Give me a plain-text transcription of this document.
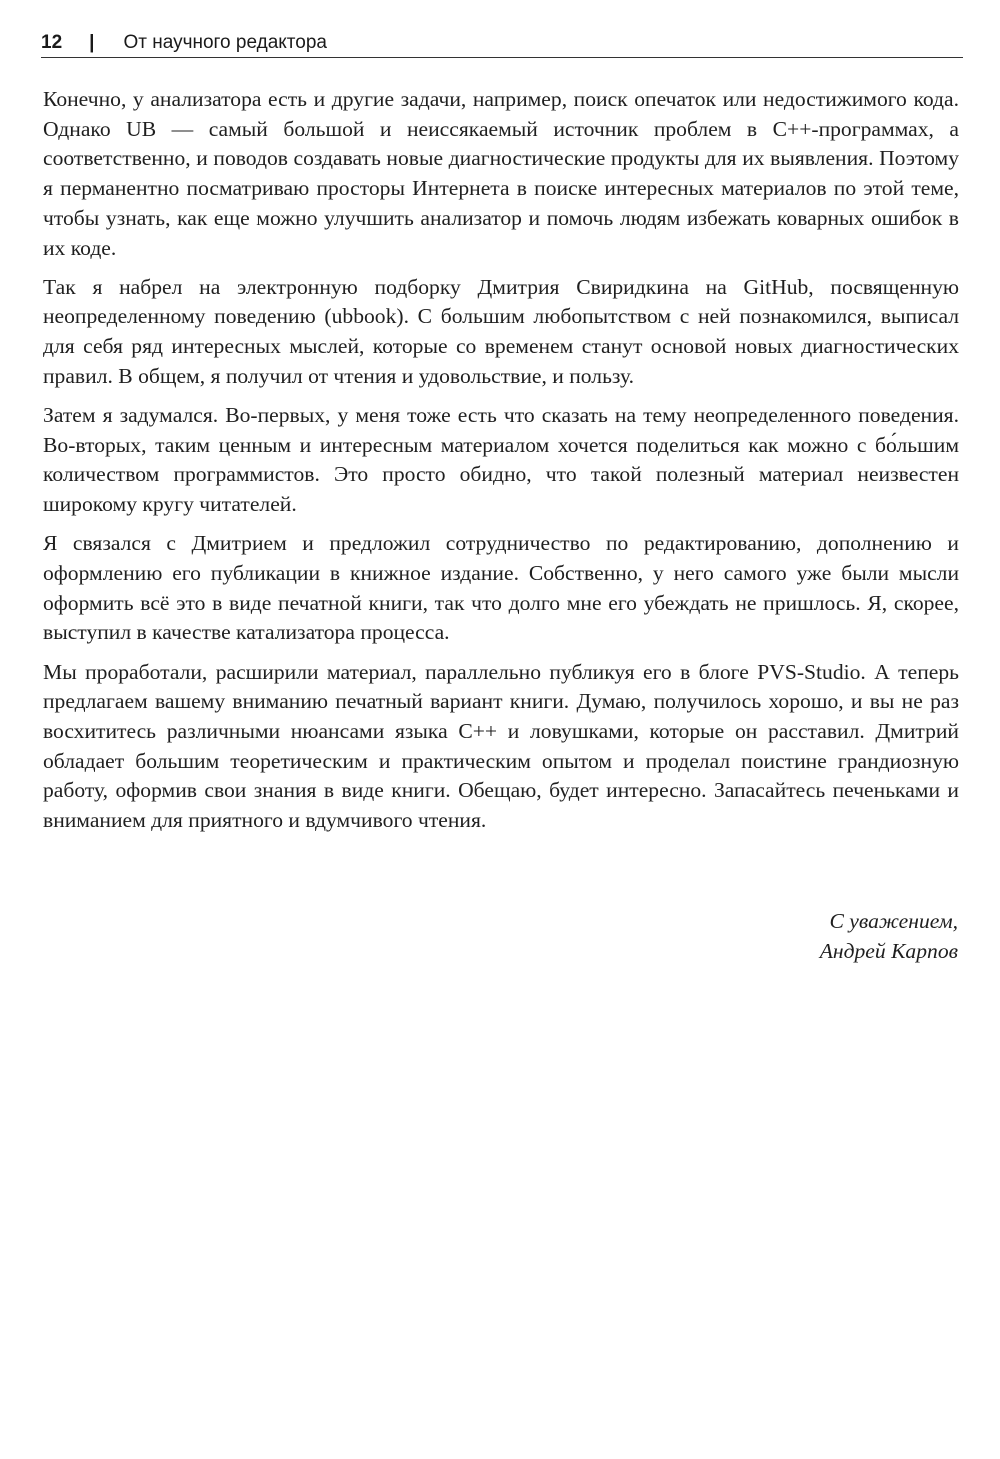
12 | От научного редактора

Конечно, у анализатора есть и другие задачи, например, поиск опечаток или недостижимого кода. Однако UB — самый большой и неиссякаемый источник проблем в C++-программах, а соответственно, и поводов создавать новые диагностические продукты для их выявления. Поэтому я перманентно посматриваю просторы Интернета в поиске интересных материалов по этой теме, чтобы узнать, как еще можно улучшить анализатор и помочь людям избежать коварных ошибок в их коде.

Так я набрел на электронную подборку Дмитрия Свиридкина на GitHub, посвященную неопределенному поведению (ubbook). С большим любопытством с ней познакомился, выписал для себя ряд интересных мыслей, которые со временем станут основой новых диагностических правил. В общем, я получил от чтения и удовольствие, и пользу.

Затем я задумался. Во-первых, у меня тоже есть что сказать на тему неопределенного поведения. Во-вторых, таким ценным и интересным материалом хочется поделиться как можно с бо́льшим количеством программистов. Это просто обидно, что такой полезный материал неизвестен широкому кругу читателей.

Я связался с Дмитрием и предложил сотрудничество по редактированию, дополнению и оформлению его публикации в книжное издание. Собственно, у него самого уже были мысли оформить всё это в виде печатной книги, так что долго мне его убеждать не пришлось. Я, скорее, выступил в качестве катализатора процесса.

Мы проработали, расширили материал, параллельно публикуя его в блоге PVS-Studio. А теперь предлагаем вашему вниманию печатный вариант книги. Думаю, получилось хорошо, и вы не раз восхититесь различными нюансами языка C++ и ловушками, которые он расставил. Дмитрий обладает большим теоретическим и практическим опытом и проделал поистине грандиозную работу, оформив свои знания в виде книги. Обещаю, будет интересно. Запасайтесь печеньками и вниманием для приятного и вдумчивого чтения.

С уважением,
Андрей Карпов
